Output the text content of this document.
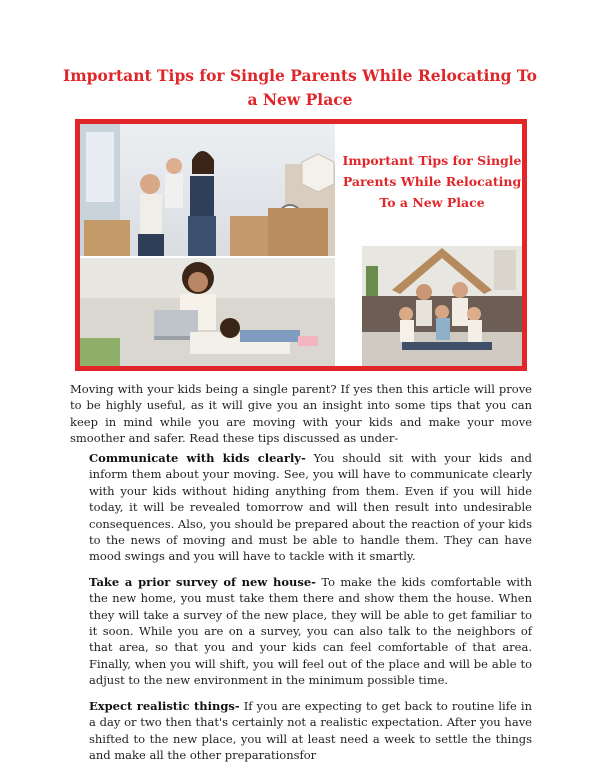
Important Tips for Single Parents While Relocating To a New Place

Important Tips for Single Parents While Relocating To a New Place

Moving with your kids being a single parent? If yes then this article will prove to be highly useful, as it will give you an insight into some tips that you can keep in mind while you are moving with your kids and make your move smoother and safer. Read these tips discussed as under-

Communicate with kids clearly- You should sit with your kids and inform them about your moving. See, you will have to communicate clearly with your kids without hiding anything from them. Even if you will hide today, it will be revealed tomorrow and will then result into undesirable consequences. Also, you should be prepared about the reaction of your kids to the news of moving and must be able to handle them. They can have mood swings and you will have to tackle with it smartly.

Take a prior survey of new house- To make the kids comfortable with the new home, you must take them there and show them the house. When they will take a survey of the new place, they will be able to get familiar to it soon. While you are on a survey, you can also talk to the neighbors of that area, so that you and your kids can feel comfortable of that area. Finally, when you will shift, you will feel out of the place and will be able to adjust to the new environment in the minimum possible time.

Expect realistic things- If you are expecting to get back to routine life in a day or two then that's certainly not a realistic expectation. After you have shifted to the new place, you will at least need a week to settle the things and make all the other preparationsfor
